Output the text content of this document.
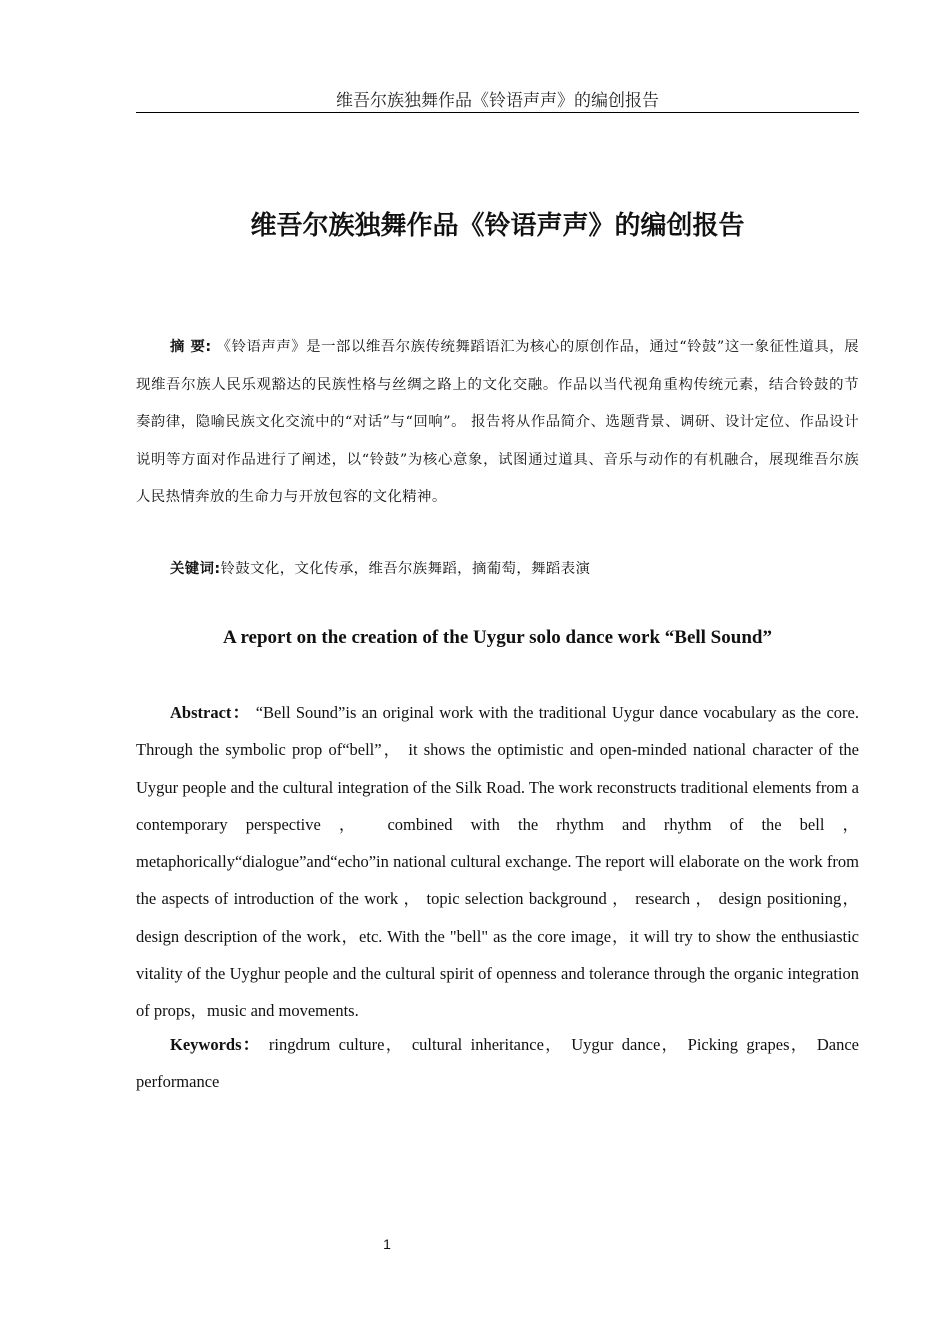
维吾尔族独舞作品《铃语声声》的编创报告
维吾尔族独舞作品《铃语声声》的编创报告

摘 要: 《铃语声声》是一部以维吾尔族传统舞蹈语汇为核心的原创作品，通过“铃鼓”这一象征性道具，展现维吾尔族人民乐观豁达的民族性格与丝绸之路上的文化交融。作品以当代视角重构传统元素，结合铃鼓的节奏韵律，隐喻民族文化交流中的“对话”与“回响”。 报告将从作品简介、选题背景、调研、设计定位、作品设计说明等方面对作品进行了阐述，以“铃鼓”为核心意象，试图通过道具、音乐与动作的有机融合，展现维吾尔族人民热情奔放的生命力与开放包容的文化精神。

关键词:铃鼓文化，文化传承，维吾尔族舞蹈，摘葡萄，舞蹈表演

A report on the creation of the Uygur solo dance work “Bell Sound”

Abstract： “Bell Sound”is an original work with the traditional Uygur dance vocabulary as the core. Through the symbolic prop of“bell”， it shows the optimistic and open-minded national character of the Uygur people and the cultural integration of the Silk Road. The work reconstructs traditional elements from a contemporary perspective ， combined with the rhythm and rhythm of the bell ， metaphorically“dialogue”and“echo”in national cultural exchange. The report will elaborate on the work from the aspects of introduction of the work ， topic selection background ， research ， design positioning， design description of the work，etc. With the "bell" as the core image，it will try to show the enthusiastic vitality of the Uyghur people and the cultural spirit of openness and tolerance through the organic integration of props，music and movements.

Keywords： ringdrum culture， cultural inheritance， Uygur dance， Picking grapes， Dance performance

1
